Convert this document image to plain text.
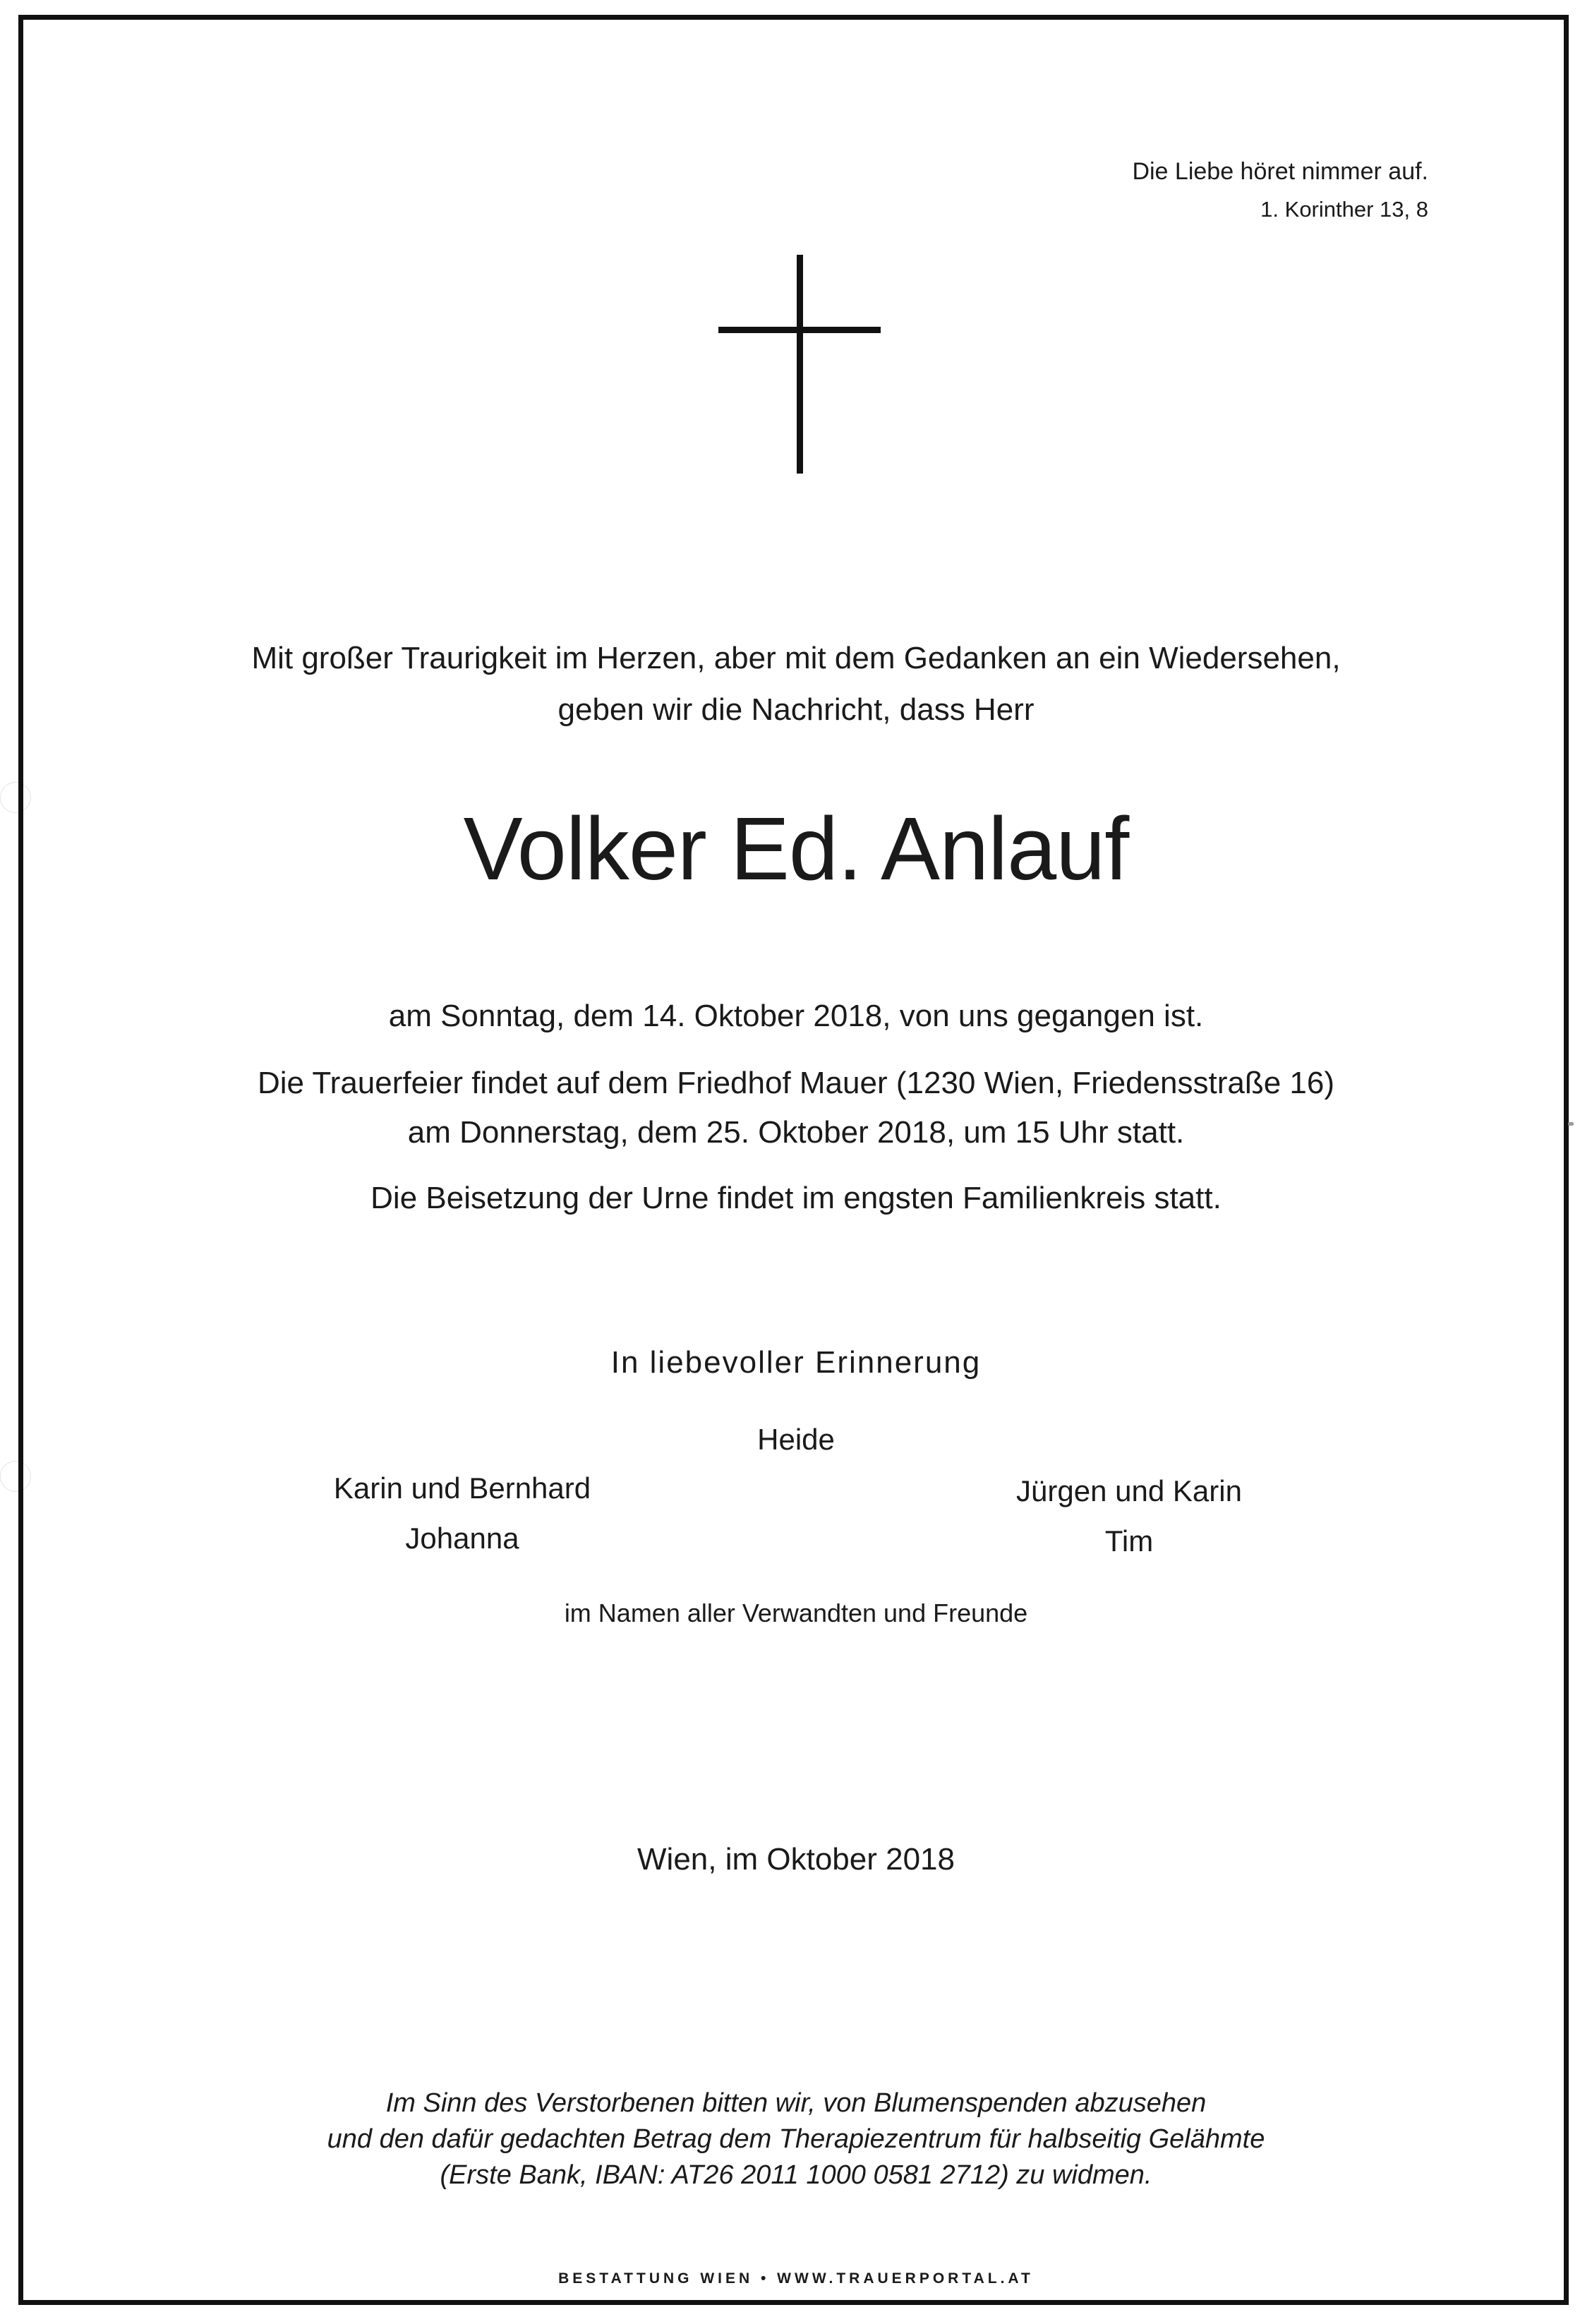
Die Liebe höret nimmer auf.
1. Korinther 13, 8
Mit großer Traurigkeit im Herzen, aber mit dem Gedanken an ein Wiedersehen,
geben wir die Nachricht, dass Herr
Volker Ed. Anlauf
am Sonntag, dem 14. Oktober 2018, von uns gegangen ist.
Die Trauerfeier findet auf dem Friedhof Mauer (1230 Wien, Friedensstraße 16)
am Donnerstag, dem 25. Oktober 2018, um 15 Uhr statt.
Die Beisetzung der Urne findet im engsten Familienkreis statt.
In liebevoller Erinnerung
Heide
Karin und Bernhard
Johanna
Jürgen und Karin
Tim
im Namen aller Verwandten und Freunde
Wien, im Oktober 2018
Im Sinn des Verstorbenen bitten wir, von Blumenspenden abzusehen
und den dafür gedachten Betrag dem Therapiezentrum für halbseitig Gelähmte
(Erste Bank, IBAN: AT26 2011 1000 0581 2712) zu widmen.
BESTATTUNG WIEN • WWW.TRAUERPORTAL.AT
